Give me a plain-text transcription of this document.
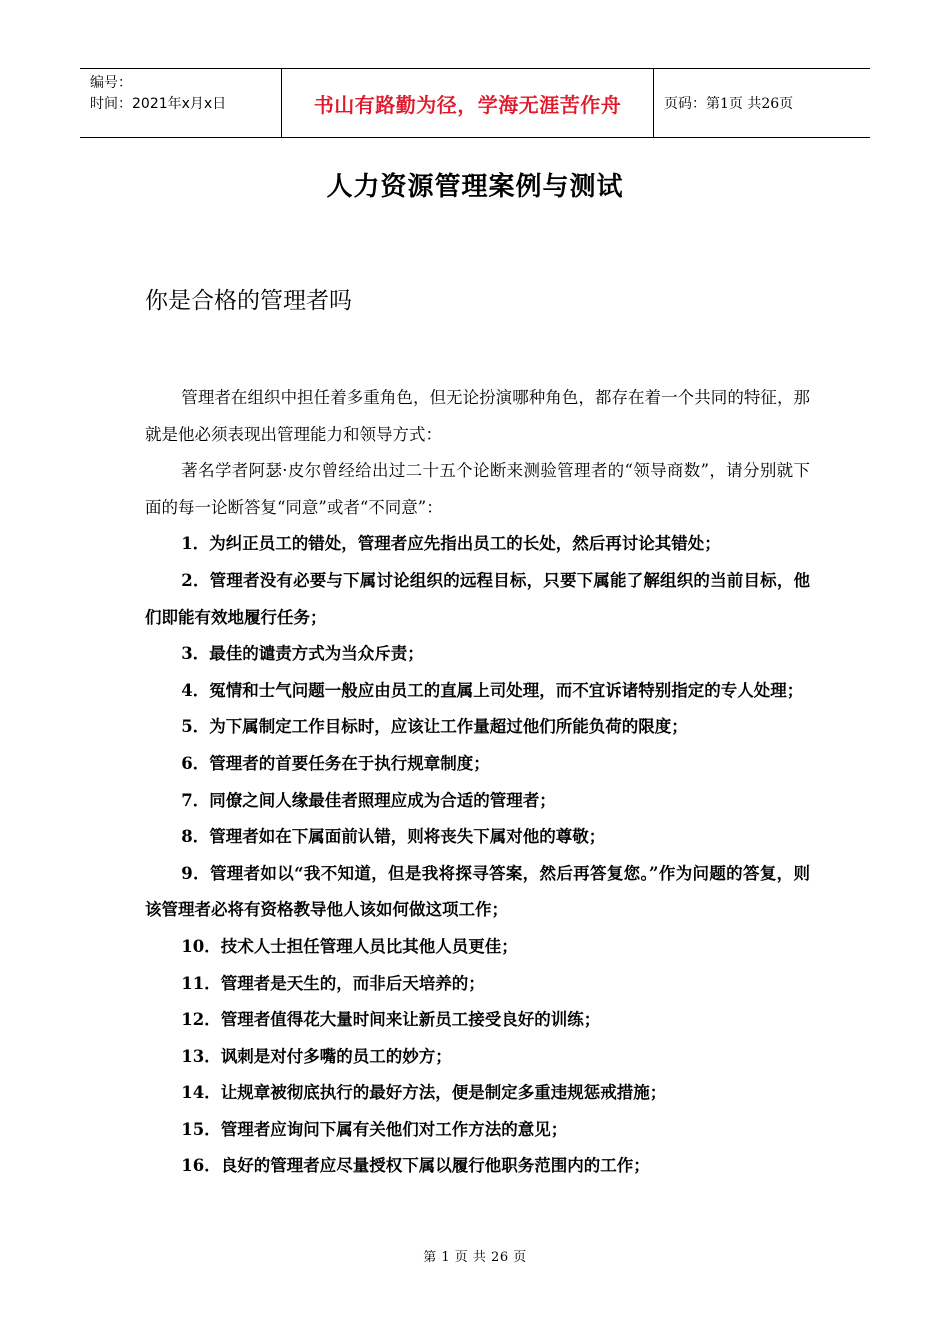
编号：
时间：2021年x月x日	书山有路勤为径，学海无涯苦作舟	页码：第1页 共26页
人力资源管理案例与测试
你是合格的管理者吗

管理者在组织中担任着多重角色，但无论扮演哪种角色，都存在着一个共同的特征，那就是他必须表现出管理能力和领导方式：

著名学者阿瑟·皮尔曾经给出过二十五个论断来测验管理者的“领导商数”，请分别就下面的每一论断答复“同意”或者“不同意”：

1．为纠正员工的错处，管理者应先指出员工的长处，然后再讨论其错处；

2．管理者没有必要与下属讨论组织的远程目标，只要下属能了解组织的当前目标，他们即能有效地履行任务；

3．最佳的谴责方式为当众斥责；

4．冤情和士气问题一般应由员工的直属上司处理，而不宜诉诸特别指定的专人处理；

5．为下属制定工作目标时，应该让工作量超过他们所能负荷的限度；

6．管理者的首要任务在于执行规章制度；

7．同僚之间人缘最佳者照理应成为合适的管理者；

8．管理者如在下属面前认错，则将丧失下属对他的尊敬；

9．管理者如以“我不知道，但是我将探寻答案，然后再答复您。”作为问题的答复，则该管理者必将有资格教导他人该如何做这项工作；

10．技术人士担任管理人员比其他人员更佳；

11．管理者是天生的，而非后天培养的；

12．管理者值得花大量时间来让新员工接受良好的训练；

13．讽刺是对付多嘴的员工的妙方；

14．让规章被彻底执行的最好方法，便是制定多重违规惩戒措施；

15．管理者应询问下属有关他们对工作方法的意见；

16．良好的管理者应尽量授权下属以履行他职务范围内的工作；

第 1 页 共 26 页
